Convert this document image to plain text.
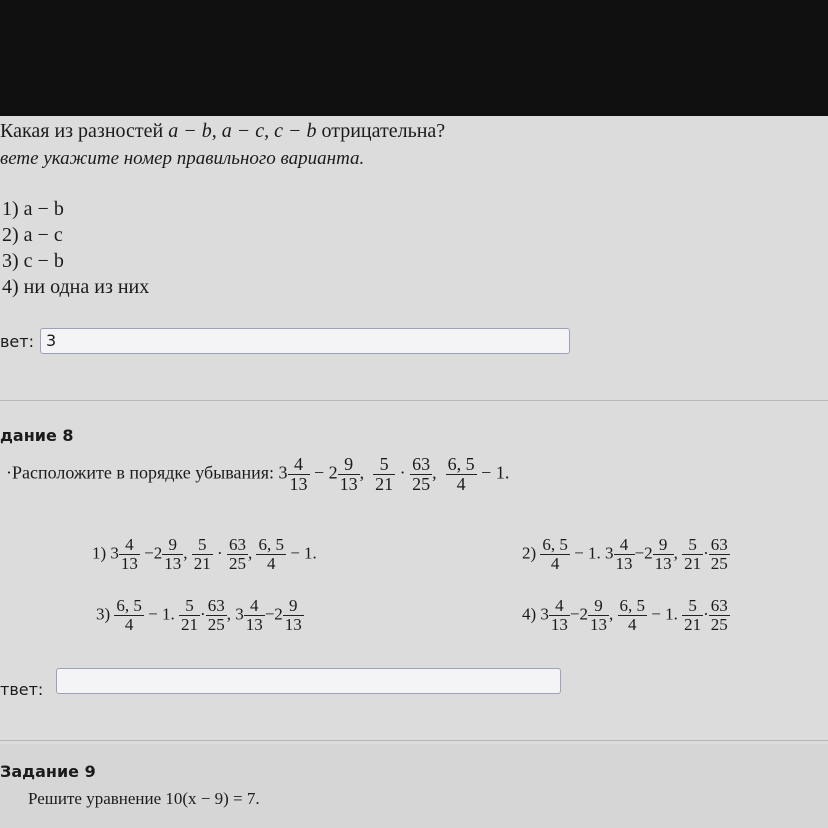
Какая из разностей a − b, a − c, c − b отрицательна?
вете укажите номер правильного варианта.
1) a − b
2) a − c
3) c − b
4) ни одна из них
вет: 3
дание 8
·Расположите в порядке убывания: $3 \frac{4}{13} - 2 \frac{9}{13}$ , $\frac{5}{21} \cdot \frac{63}{25}$ , $\frac{6, 5}{4} - 1$.
1) $3 \frac{4}{13} -2 \frac{9}{13}$ , $\frac{5}{21} \cdot \frac{63}{25}$ , $\frac{6, 5}{4} - 1$.	$2) \frac{6, 5}{4} - 1$. $3 \frac{4}{13} -2 \frac{9}{13}$ , $\frac{5}{21} \cdot \frac{63}{25}$
$3) \frac{6, 5}{4} - 1$. $\frac{5}{21} \cdot \frac{63}{25}$ , $3 \frac{4}{13} -2 \frac{9}{13}$	4) $3 \frac{4}{13} -2 \frac{9}{13}$ , $\frac{6, 5}{4} - 1$. $\frac{5}{21} \cdot \frac{63}{25}$
твет:
Задание 9
Решите уравнение 10(x − 9) = 7.
